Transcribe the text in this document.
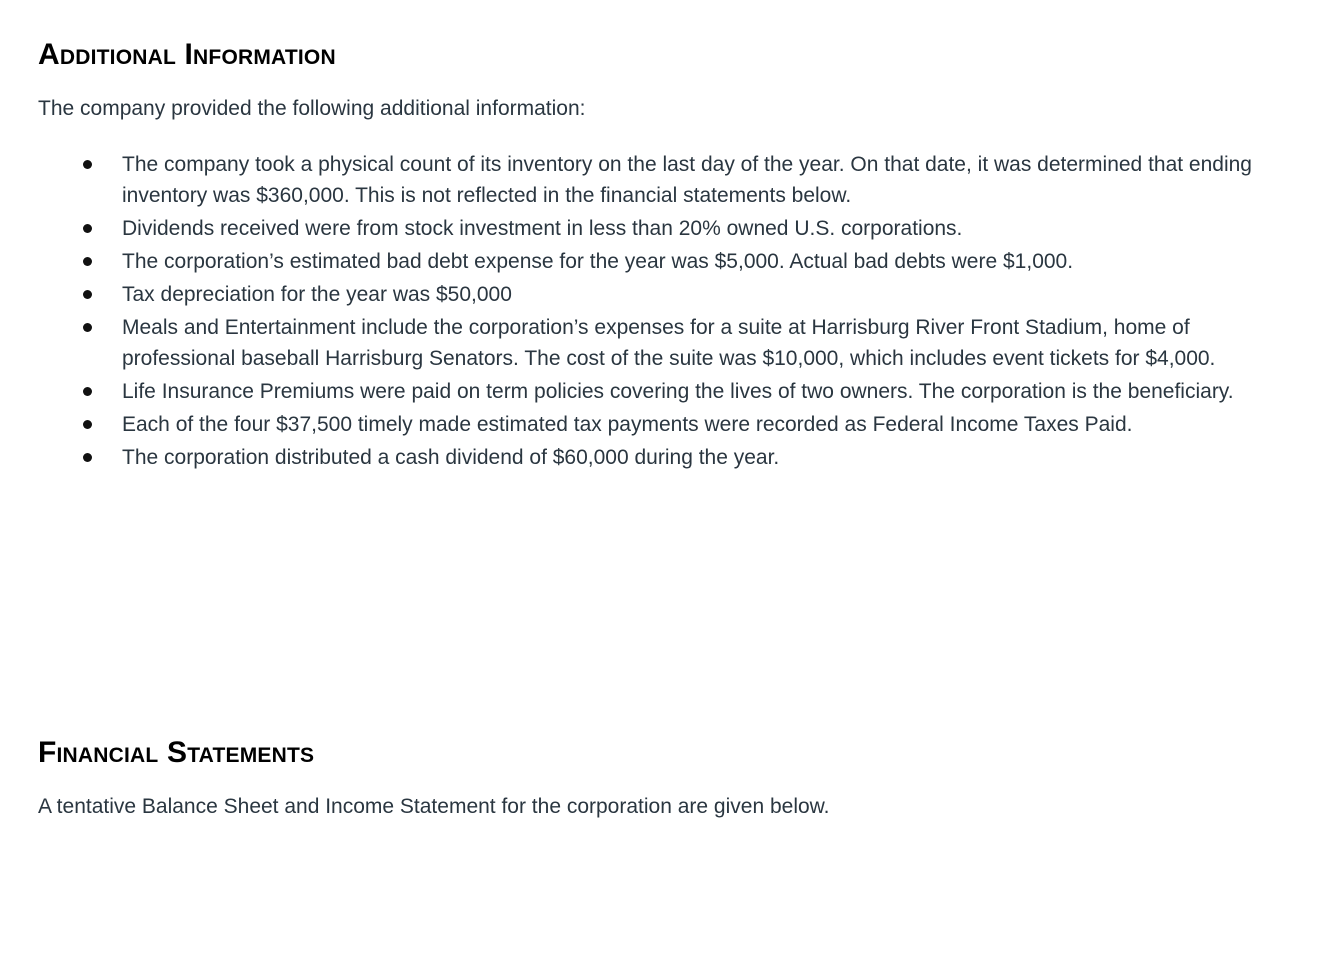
Additional Information

The company provided the following additional information:

The company took a physical count of its inventory on the last day of the year. On that date, it was determined that ending inventory was $360,000. This is not reflected in the financial statements below.
Dividends received were from stock investment in less than 20% owned U.S. corporations.
The corporation’s estimated bad debt expense for the year was $5,000. Actual bad debts were $1,000.
Tax depreciation for the year was $50,000
Meals and Entertainment include the corporation’s expenses for a suite at Harrisburg River Front Stadium, home of professional baseball Harrisburg Senators. The cost of the suite was $10,000, which includes event tickets for $4,000.
Life Insurance Premiums were paid on term policies covering the lives of two owners. The corporation is the beneficiary.
Each of the four $37,500 timely made estimated tax payments were recorded as Federal Income Taxes Paid.
The corporation distributed a cash dividend of $60,000 during the year.
Financial Statements

A tentative Balance Sheet and Income Statement for the corporation are given below.
